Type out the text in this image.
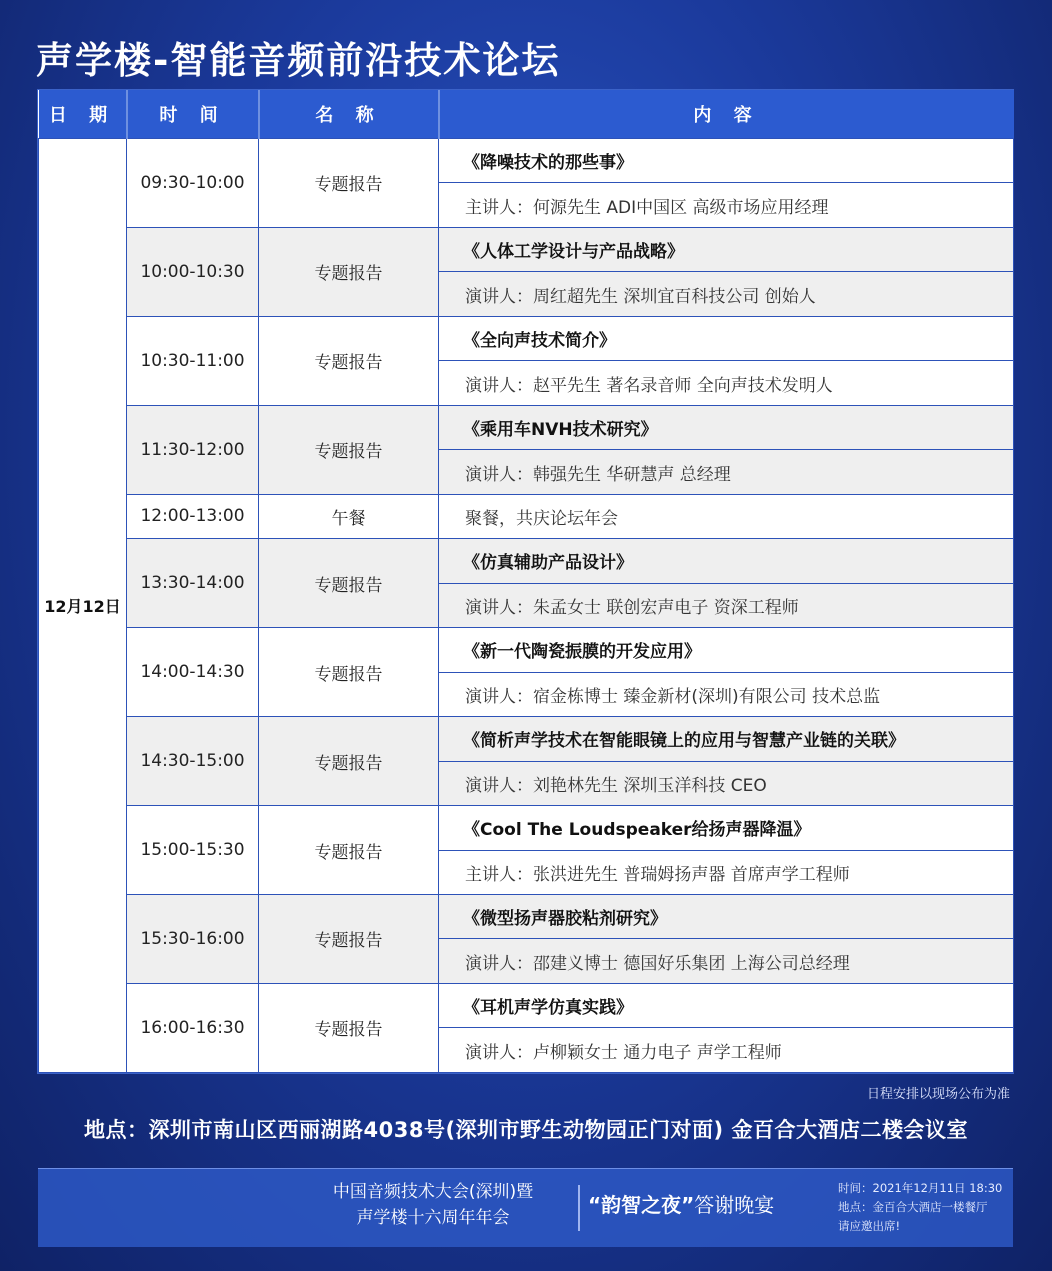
声学楼-智能音频前沿技术论坛
日 期	时 间	名 称	内 容
12月12日	09:30-10:00	专题报告	《降噪技术的那些事》
			主讲人：何源先生 ADI中国区 高级市场应用经理
	10:00-10:30	专题报告	《人体工学设计与产品战略》
			演讲人：周红超先生 深圳宜百科技公司 创始人
	10:30-11:00	专题报告	《全向声技术简介》
			演讲人：赵平先生 著名录音师 全向声技术发明人
	11:30-12:00	专题报告	《乘用车NVH技术研究》
			演讲人：韩强先生 华研慧声 总经理
	12:00-13:00	午餐	聚餐，共庆论坛年会
	13:30-14:00	专题报告	《仿真辅助产品设计》
			演讲人：朱孟女士 联创宏声电子 资深工程师
	14:00-14:30	专题报告	《新一代陶瓷振膜的开发应用》
			演讲人：宿金栋博士 臻金新材(深圳)有限公司 技术总监
	14:30-15:00	专题报告	《简析声学技术在智能眼镜上的应用与智慧产业链的关联》
			演讲人：刘艳林先生 深圳玉洋科技 CEO
	15:00-15:30	专题报告	《Cool The Loudspeaker给扬声器降温》
			主讲人：张洪进先生 普瑞姆扬声器 首席声学工程师
	15:30-16:00	专题报告	《微型扬声器胶粘剂研究》
			演讲人：邵建义博士 德国好乐集团 上海公司总经理
	16:00-16:30	专题报告	《耳机声学仿真实践》
			演讲人：卢柳颖女士 通力电子 声学工程师
日程安排以现场公布为准
地点：深圳市南山区西丽湖路4038号(深圳市野生动物园正门对面) 金百合大酒店二楼会议室
中国音频技术大会(深圳)暨
声学楼十六周年年会
“韵智之夜”答谢晚宴
时间：2021年12月11日 18:30
地点：金百合大酒店一楼餐厅
请应邀出席!
